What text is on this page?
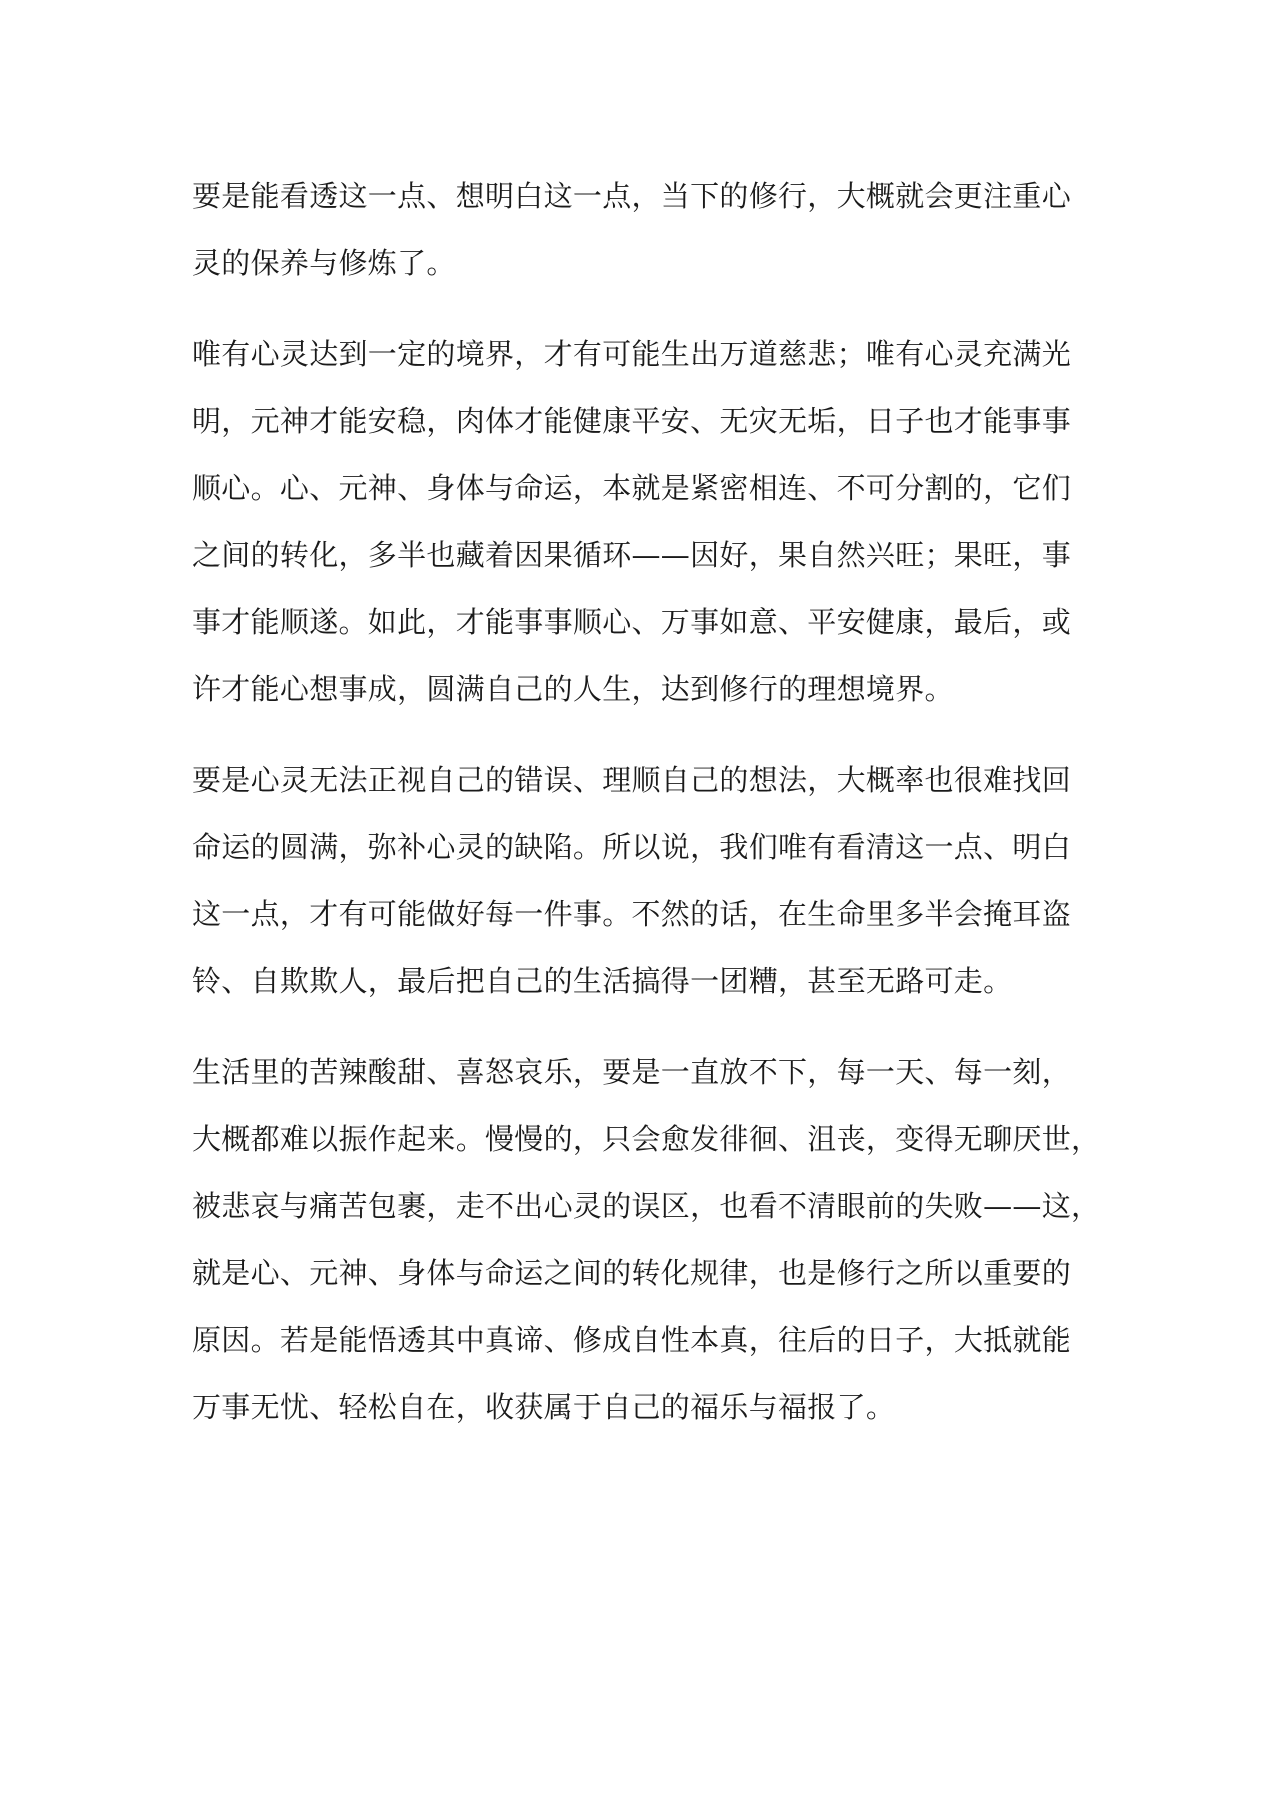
要是能看透这一点、想明白这一点，当下的修行，大概就会更注重心
灵的保养与修炼了。
唯有心灵达到一定的境界，才有可能生出万道慈悲；唯有心灵充满光
明，元神才能安稳，肉体才能健康平安、无灾无垢，日子也才能事事
顺心。心、元神、身体与命运，本就是紧密相连、不可分割的，它们
之间的转化，多半也藏着因果循环——因好，果自然兴旺；果旺，事
事才能顺遂。如此，才能事事顺心、万事如意、平安健康，最后，或
许才能心想事成，圆满自己的人生，达到修行的理想境界。
要是心灵无法正视自己的错误、理顺自己的想法，大概率也很难找回
命运的圆满，弥补心灵的缺陷。所以说，我们唯有看清这一点、明白
这一点，才有可能做好每一件事。不然的话，在生命里多半会掩耳盗
铃、自欺欺人，最后把自己的生活搞得一团糟，甚至无路可走。
生活里的苦辣酸甜、喜怒哀乐，要是一直放不下，每一天、每一刻，
大概都难以振作起来。慢慢的，只会愈发徘徊、沮丧，变得无聊厌世，
被悲哀与痛苦包裹，走不出心灵的误区，也看不清眼前的失败——这，
就是心、元神、身体与命运之间的转化规律，也是修行之所以重要的
原因。若是能悟透其中真谛、修成自性本真，往后的日子，大抵就能
万事无忧、轻松自在，收获属于自己的福乐与福报了。
